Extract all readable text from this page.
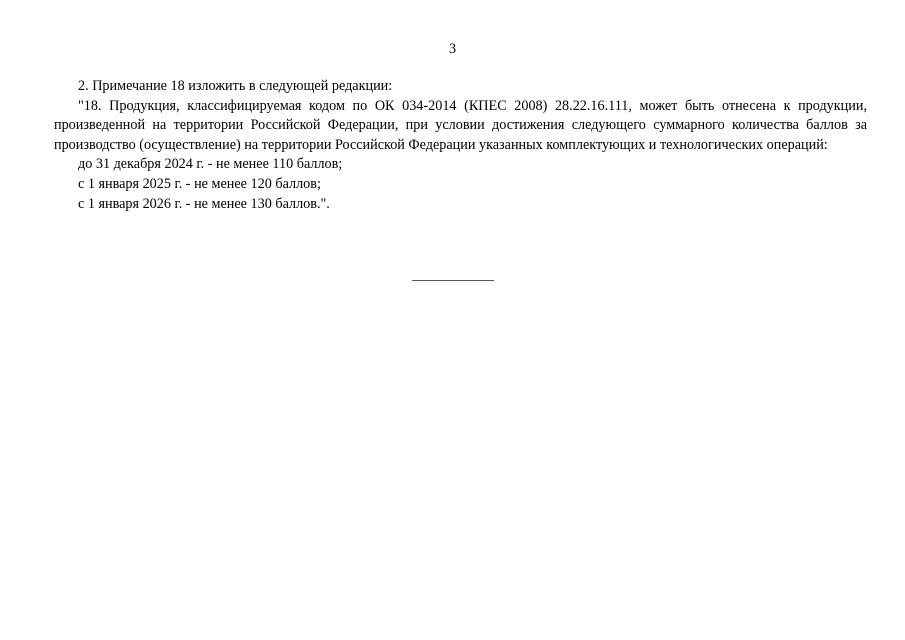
3

2. Примечание 18 изложить в следующей редакции:

"18. Продукция, классифицируемая кодом по ОК 034-2014 (КПЕС 2008) 28.22.16.111, может быть отнесена к продукции, произведенной на территории Российской Федерации, при условии достижения следующего суммарного количества баллов за производство (осуществление) на территории Российской Федерации указанных комплектующих и технологических операций:

до 31 декабря 2024 г. - не менее 110 баллов;

с 1 января 2025 г. - не менее 120 баллов;

с 1 января 2026 г. - не менее 130 баллов.".
